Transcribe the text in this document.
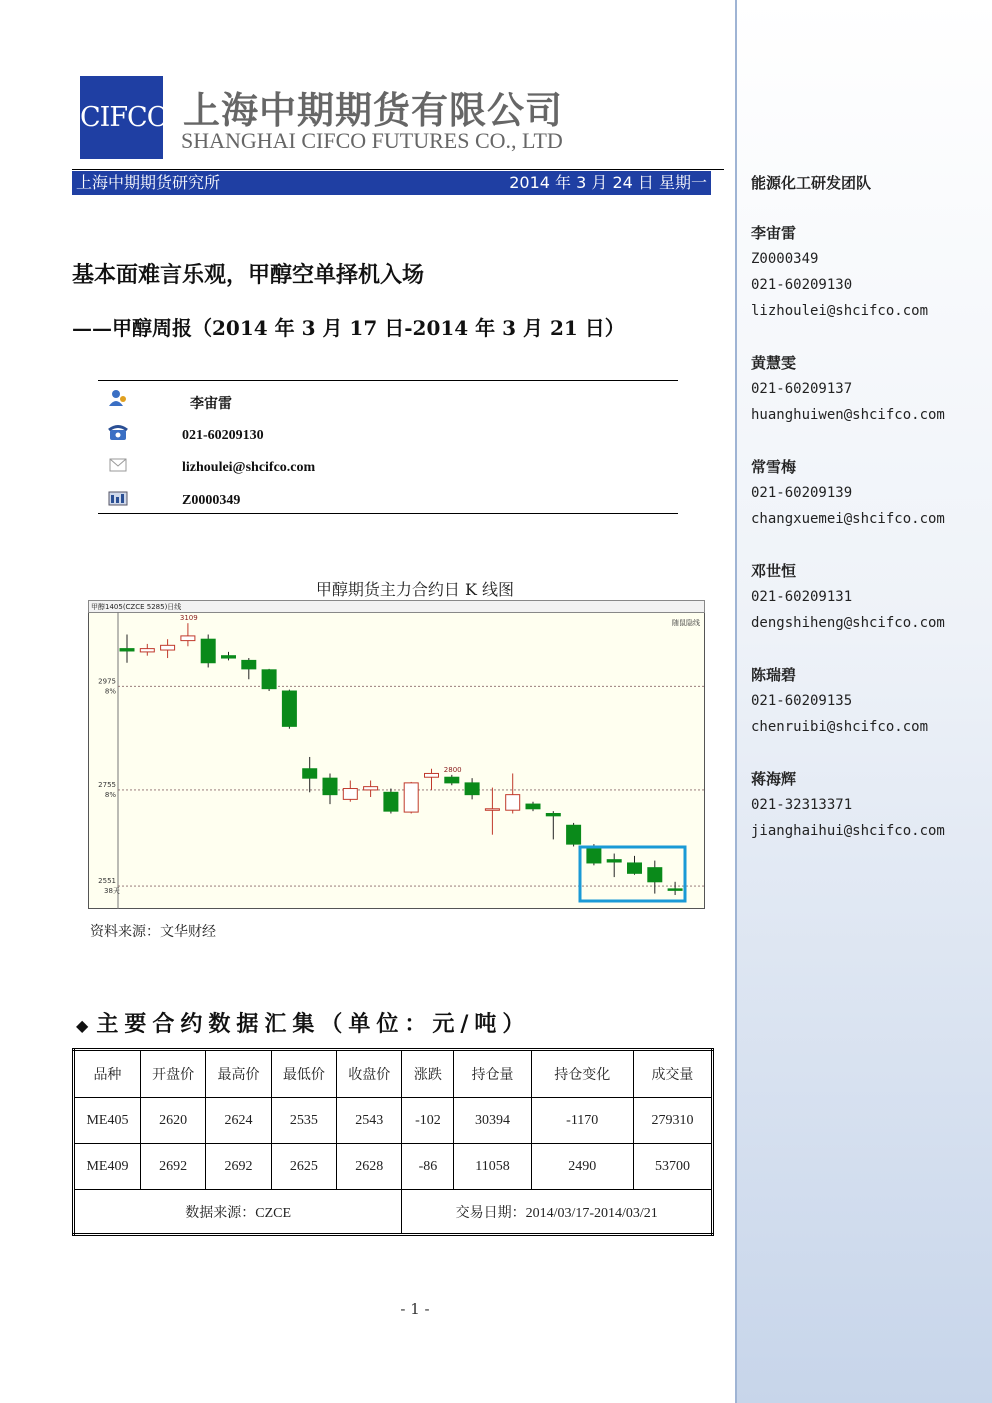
CIFCO 上海中期期货有限公司
SHANGHAI CIFCO FUTURES CO., LTD
上海中期期货研究所	2014 年 3 月 24 日 星期一
基本面难言乐观，甲醇空单择机入场
——甲醇周报（2014 年 3 月 17 日-2014 年 3 月 21 日）
李宙雷
021-60209130
lizhoulei@shcifco.com
Z0000349
甲醇期货主力合约日 K 线图
甲醇1405(CZCE 5285)日线
随鼠隐线
2975
8%
2755
8%
2551
38天
3109
2800
资料来源：文华财经
◆主要合约数据汇集（单位：元/吨）
品种	开盘价	最高价	最低价	收盘价	涨跌	持仓量	持仓变化	成交量
ME405	2620	2624	2535	2543	-102	30394	-1170	279310
ME409	2692	2692	2625	2628	-86	11058	2490	53700
数据来源：CZCE					交易日期：2014/03/17-2014/03/21			
- 1 -
能源化工研发团队
李宙雷
Z0000349
021-60209130
lizhoulei@shcifco.com
黄慧雯
021-60209137
huanghuiwen@shcifco.com
常雪梅
021-60209139
changxuemei@shcifco.com
邓世恒
021-60209131
dengshiheng@shcifco.com
陈瑞碧
021-60209135
chenruibi@shcifco.com
蒋海辉
021-32313371
jianghaihui@shcifco.com
